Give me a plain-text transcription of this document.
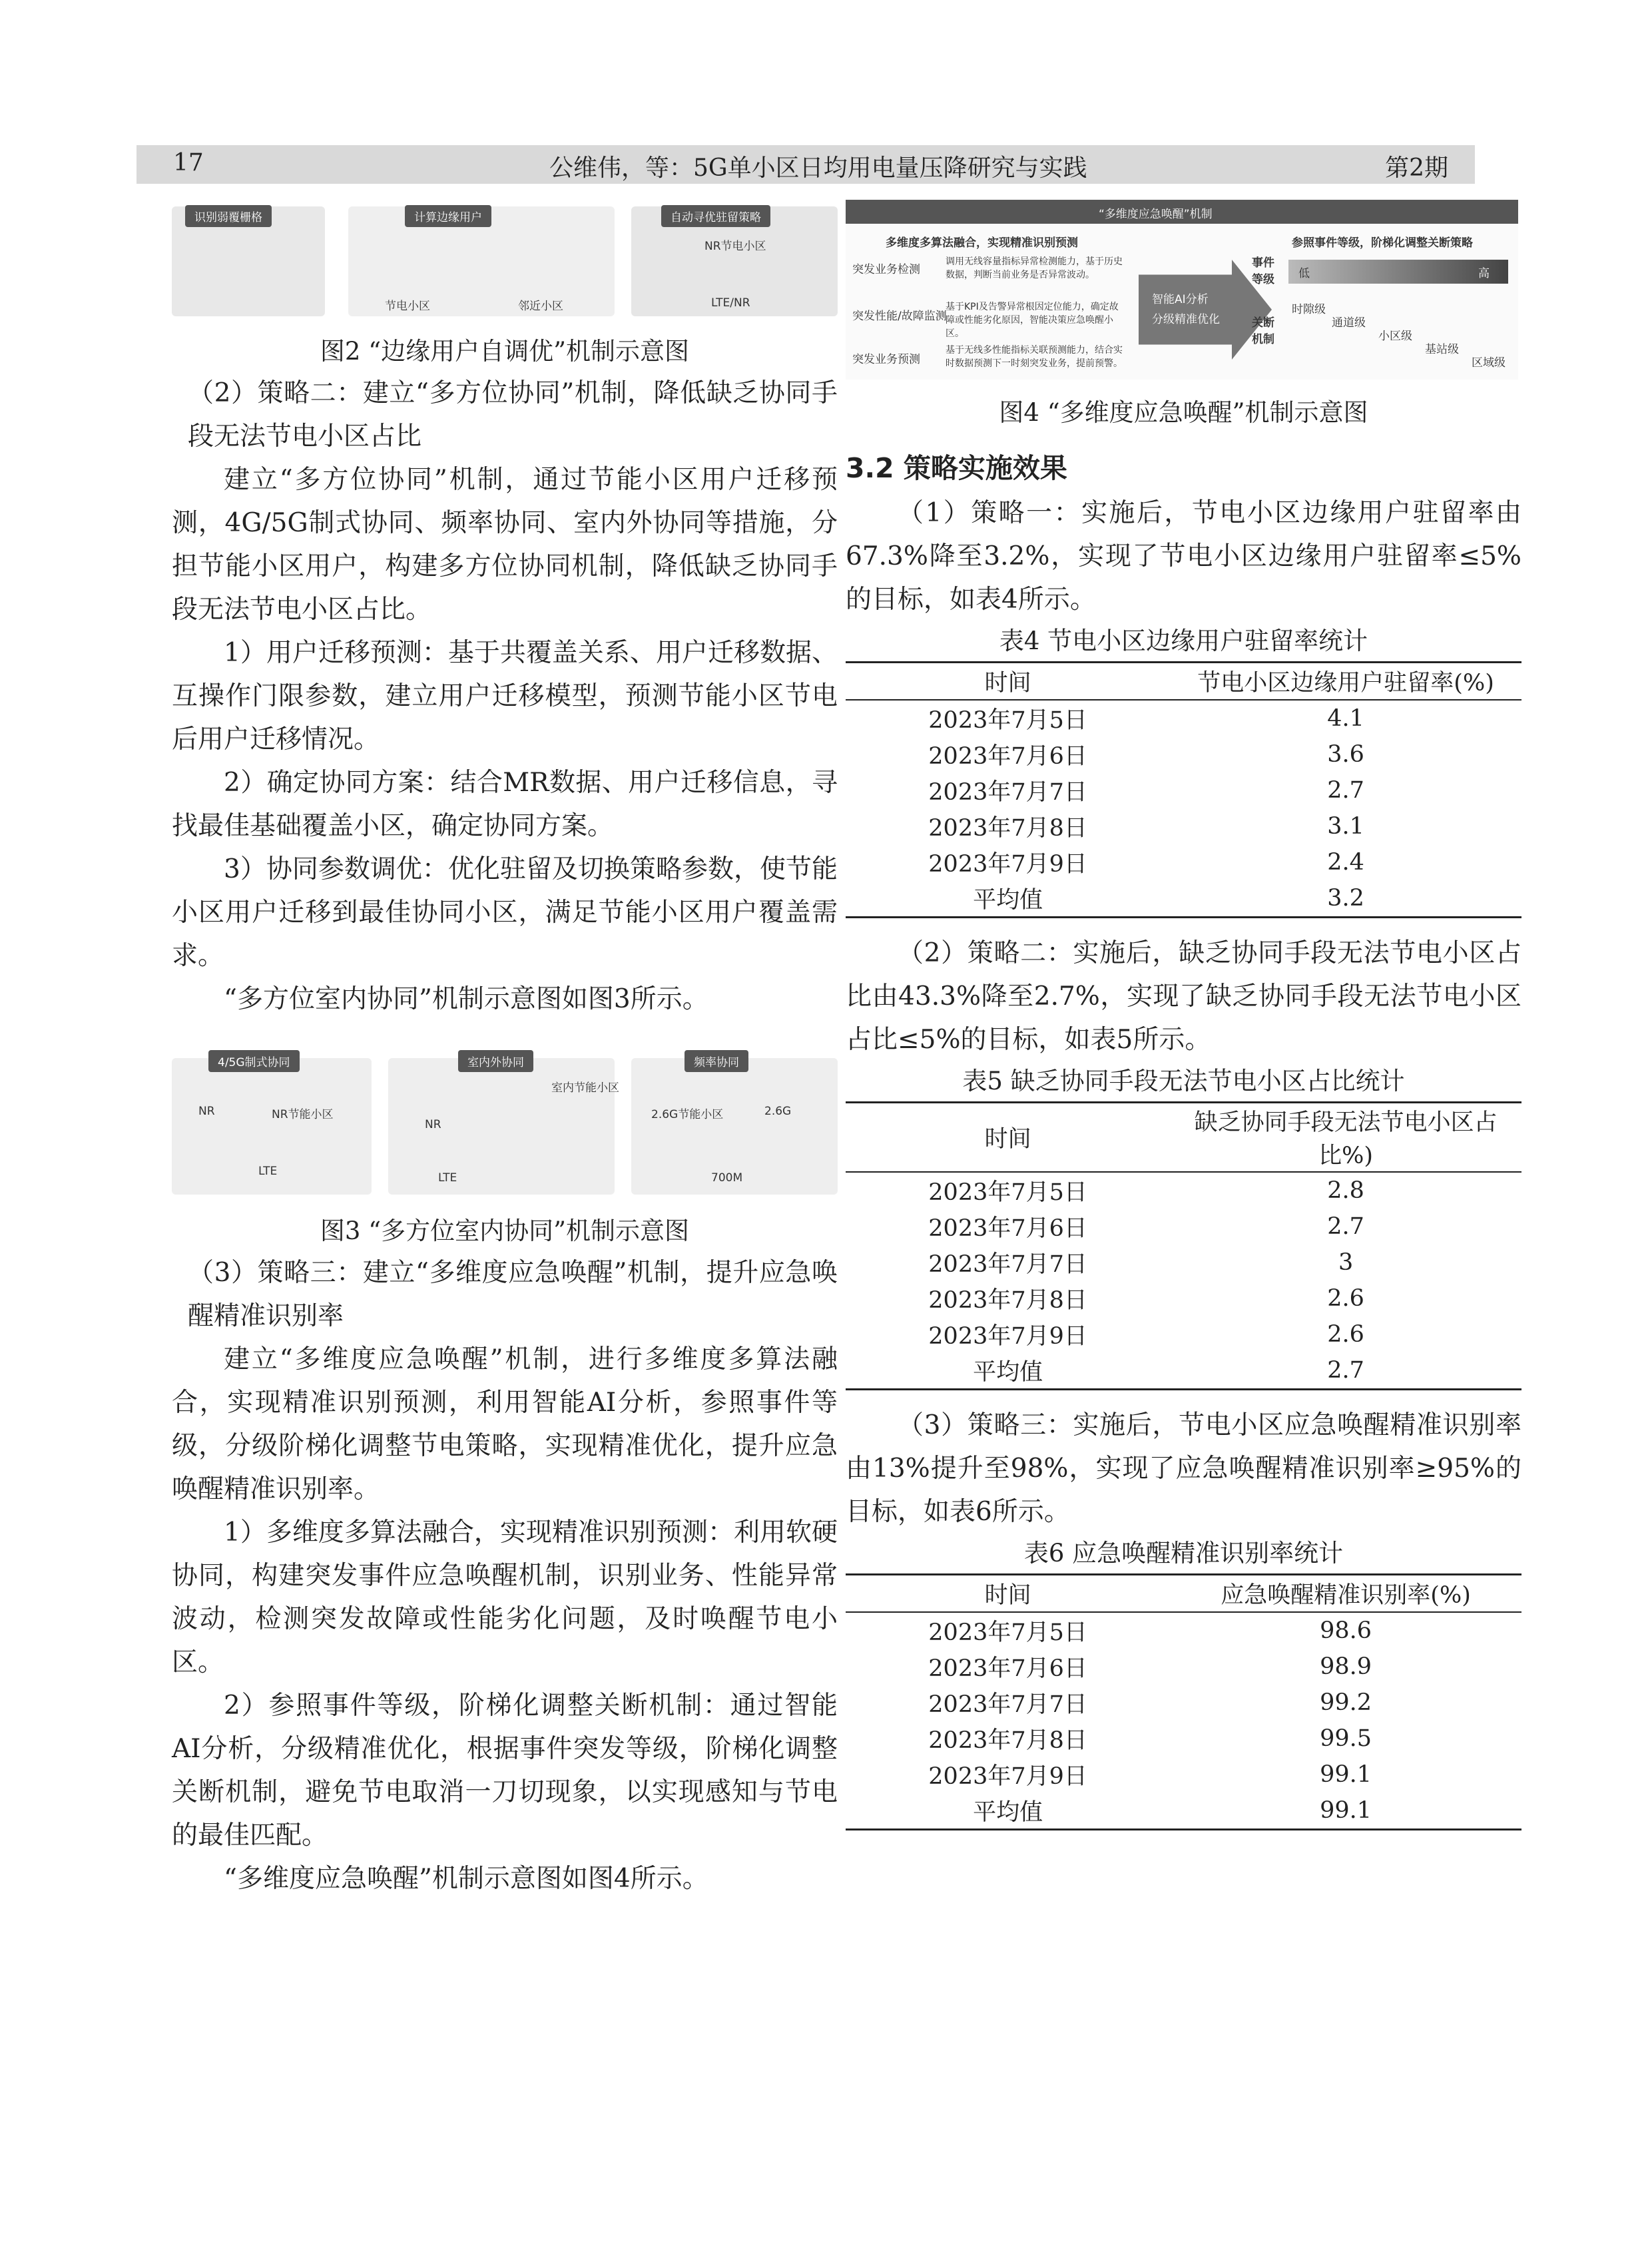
17	公维伟，等：5G单小区日均用电量压降研究与实践	第2期
识别弱覆栅格	计算边缘用户
节电小区	邻近小区
自动寻优驻留策略
NR节电小区
LTE/NR

图2 “边缘用户自调优”机制示意图

（2）策略二：建立“多方位协同”机制，降低缺乏协同手段无法节电小区占比

建立“多方位协同”机制，通过节能小区用户迁移预测，4G/5G制式协同、频率协同、室内外协同等措施，分担节能小区用户，构建多方位协同机制，降低缺乏协同手段无法节电小区占比。

1）用户迁移预测：基于共覆盖关系、用户迁移数据、互操作门限参数，建立用户迁移模型，预测节能小区节电后用户迁移情况。

2）确定协同方案：结合MR数据、用户迁移信息，寻找最佳基础覆盖小区，确定协同方案。

3）协同参数调优：优化驻留及切换策略参数，使节能小区用户迁移到最佳协同小区，满足节能小区用户覆盖需求。

“多方位室内协同”机制示意图如图3所示。

4/5G制式协同
NR	NR节能小区
LTE
室内外协同
NR
室内节能小区
LTE
频率协同
2.6G节能小区	2.6G
700M

图3 “多方位室内协同”机制示意图

（3）策略三：建立“多维度应急唤醒”机制，提升应急唤醒精准识别率

建立“多维度应急唤醒”机制，进行多维度多算法融合，实现精准识别预测，利用智能AI分析，参照事件等级，分级阶梯化调整节电策略，实现精准优化，提升应急唤醒精准识别率。

1）多维度多算法融合，实现精准识别预测：利用软硬协同，构建突发事件应急唤醒机制，识别业务、性能异常波动，检测突发故障或性能劣化问题，及时唤醒节电小区。

2）参照事件等级，阶梯化调整关断机制：通过智能AI分析，分级精准优化，根据事件突发等级，阶梯化调整关断机制，避免节电取消一刀切现象，以实现感知与节电的最佳匹配。

“多维度应急唤醒”机制示意图如图4所示。

“多维度应急唤醒”机制
多维度多算法融合，实现精准识别预测	参照事件等级，阶梯化调整关断策略
突发业务检测
调用无线容量指标异常检测能力，基于历史数据，判断当前业务是否异常波动。
突发性能/故障监测
基于KPI及告警异常根因定位能力，确定故障或性能劣化原因，智能决策应急唤醒小区。
突发业务预测
基于无线多性能指标关联预测能力，结合实时数据预测下一时刻突发业务，提前预警。
智能AI分析
分级精准优化
事件等级
关断机制
低	高
时隙级
通道级
小区级
基站级
区域级

图4 “多维度应急唤醒”机制示意图

3.2 策略实施效果

（1）策略一：实施后，节电小区边缘用户驻留率由67.3%降至3.2%，实现了节电小区边缘用户驻留率≤5%的目标，如表4所示。

表4 节电小区边缘用户驻留率统计

时间	节电小区边缘用户驻留率(%)
2023年7月5日	4.1
2023年7月6日	3.6
2023年7月7日	2.7
2023年7月8日	3.1
2023年7月9日	2.4
平均值	3.2

（2）策略二：实施后，缺乏协同手段无法节电小区占比由43.3%降至2.7%，实现了缺乏协同手段无法节电小区占比≤5%的目标，如表5所示。

表5 缺乏协同手段无法节电小区占比统计

时间	缺乏协同手段无法节电小区占比%)
2023年7月5日	2.8
2023年7月6日	2.7
2023年7月7日	3
2023年7月8日	2.6
2023年7月9日	2.6
平均值	2.7

（3）策略三：实施后，节电小区应急唤醒精准识别率由13%提升至98%，实现了应急唤醒精准识别率≥95%的目标，如表6所示。

表6 应急唤醒精准识别率统计

时间	应急唤醒精准识别率(%)
2023年7月5日	98.6
2023年7月6日	98.9
2023年7月7日	99.2
2023年7月8日	99.5
2023年7月9日	99.1
平均值	99.1
